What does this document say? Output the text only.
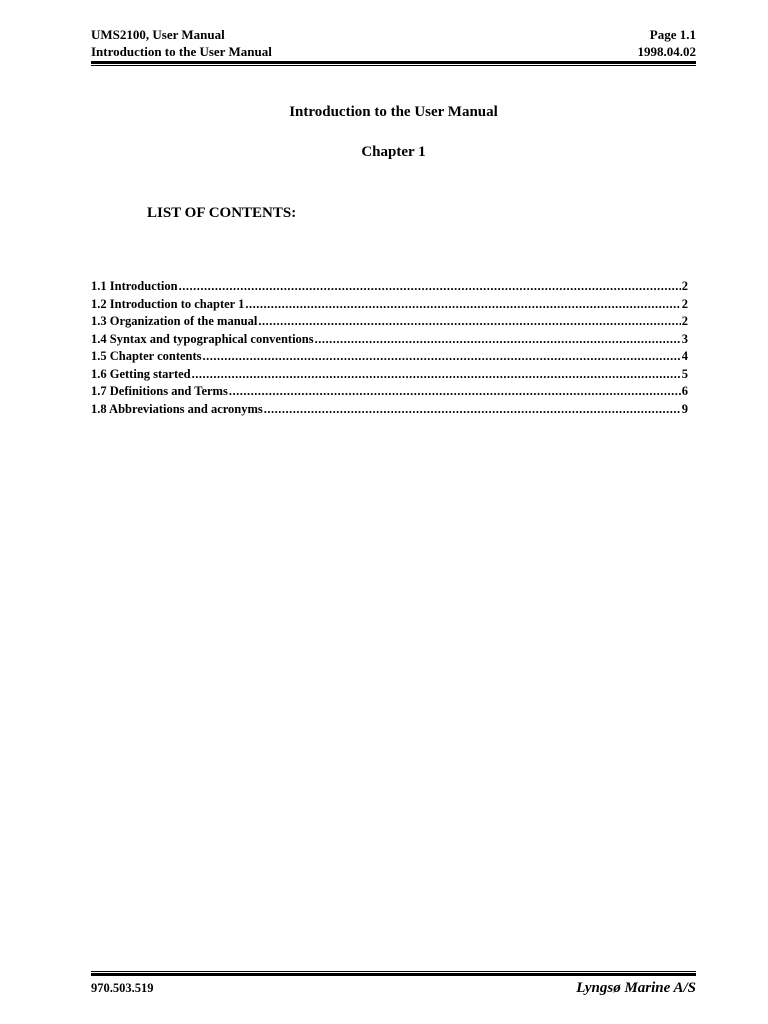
UMS2100, User Manual	Page 1.1
Introduction to the User Manual	1998.04.02
Introduction to the User Manual
Chapter 1
LIST OF CONTENTS:
1.1 Introduction .....	2
1.2 Introduction to chapter 1 .....	2
1.3 Organization of the manual .....	2
1.4 Syntax and typographical conventions .....	3
1.5 Chapter contents .....	4
1.6 Getting started .....	5
1.7 Definitions and Terms .....	6
1.8 Abbreviations and acronyms .....	9
970.503.519	Lyngsø Marine A/S
